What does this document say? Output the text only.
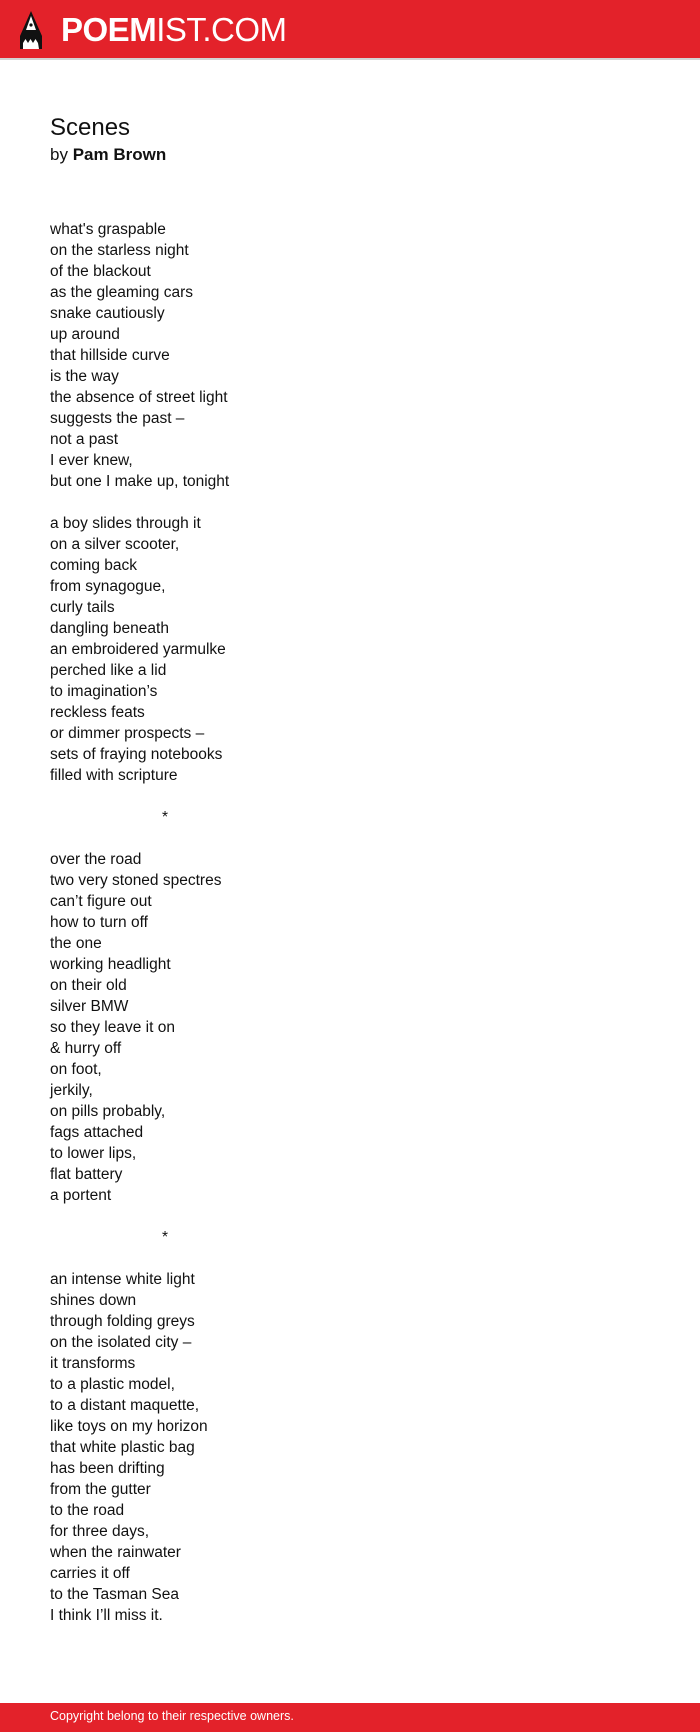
POEMIST.COM
Scenes

by Pam Brown

what's graspable
on the starless night
of the blackout
as the gleaming cars
snake cautiously
up around
that hillside curve
is the way
the absence of street light
suggests the past –
not a past
I ever knew,
but one I make up, tonight
a boy slides through it
on a silver scooter,
coming back
from synagogue,
curly tails
dangling beneath
an embroidered yarmulke
perched like a lid
to imagination’s
reckless feats
or dimmer prospects –
sets of fraying notebooks
filled with scripture
*
over the road
two very stoned spectres
can’t figure out
how to turn off
the one
working headlight
on their old
silver BMW
so they leave it on
& hurry off
on foot,
jerkily,
on pills probably,
fags attached
to lower lips,
flat battery
a portent
*
an intense white light
shines down
through folding greys
on the isolated city –
it transforms
to a plastic model,
to a distant maquette,
like toys on my horizon
that white plastic bag
has been drifting
from the gutter
to the road
for three days,
when the rainwater
carries it off
to the Tasman Sea
I think I’ll miss it.
Copyright belong to their respective owners.
